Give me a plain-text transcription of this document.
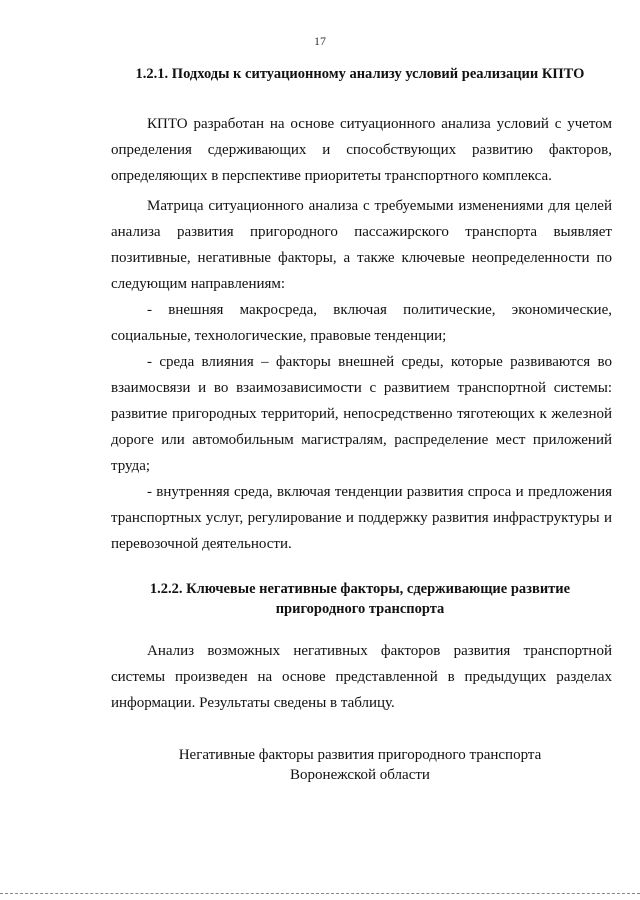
17
1.2.1. Подходы к ситуационному анализу условий реализации КПТО

КПТО разработан на основе ситуационного анализа условий с учетом определения сдерживающих и способствующих развитию факторов, определяющих в перспективе приоритеты транспортного комплекса.

Матрица ситуационного анализа с требуемыми изменениями для целей анализа развития пригородного пассажирского транспорта выявляет позитивные, негативные факторы, а также ключевые неопределенности по следующим направлениям:

- внешняя макросреда, включая политические, экономические, социальные, технологические, правовые тенденции;

- среда влияния – факторы внешней среды, которые развиваются во взаимосвязи и во взаимозависимости с развитием транспортной системы: развитие пригородных территорий, непосредственно тяготеющих к железной дороге или автомобильным магистралям, распределение мест приложений труда;

- внутренняя среда, включая тенденции развития спроса и предложения транспортных услуг, регулирование и поддержку развития инфраструктуры и перевозочной деятельности.

1.2.2. Ключевые негативные факторы, сдерживающие развитие
пригородного транспорта

Анализ возможных негативных факторов развития транспортной системы произведен на основе представленной в предыдущих разделах информации. Результаты сведены в таблицу.

Негативные факторы развития пригородного транспорта
Воронежской области
